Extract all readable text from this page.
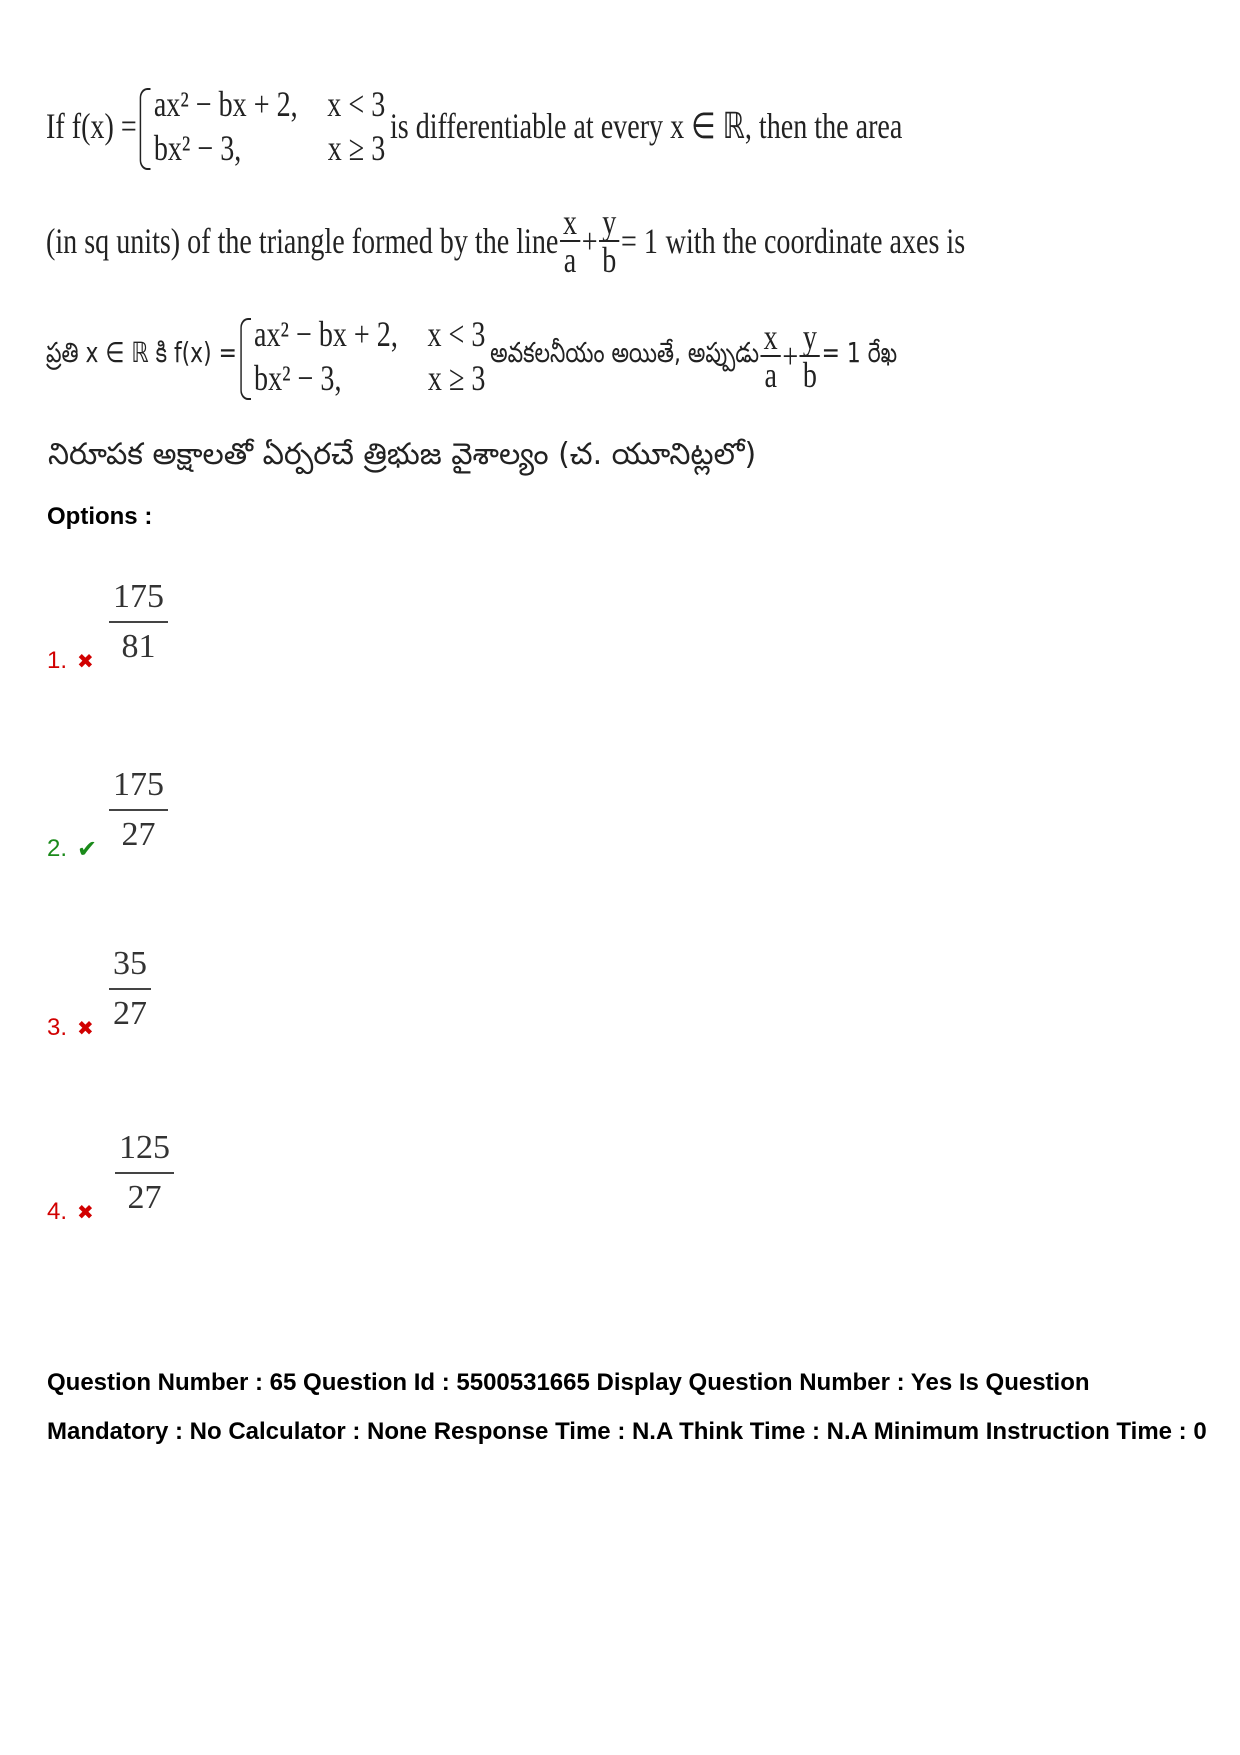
If f(x) =
ax² − bx + 2, x < 3
bx² − 3, x ≥ 3
is differentiable at every x ∈ ℝ, then the area
(in sq units) of the triangle formed by the line $\frac{x}{a} + \frac{y}{b} = 1$ with the coordinate axes is
ప్రతి x ∈ ℝ కి f(x) = ax² − bx + 2, x < 3
bx² − 3, x ≥ 3
అవకలనీయం అయితే, అప్పుడు $\frac{x}{a} + \frac{y}{b} = 1$ రేఖ
నిరూపక అక్షాలతో ఏర్పరచే త్రిభుజ వైశాల్యం (చ. యూనిట్లలో)
Options :
1. ✖ $\frac{175}{81}$
2. ✔ $\frac{175}{27}$
3. ✖ $\frac{35}{27}$
4. ✖ $\frac{125}{27}$
Question Number : 65 Question Id : 5500531665 Display Question Number : Yes Is Question Mandatory : No Calculator : None Response Time : N.A Think Time : N.A Minimum Instruction Time : 0
